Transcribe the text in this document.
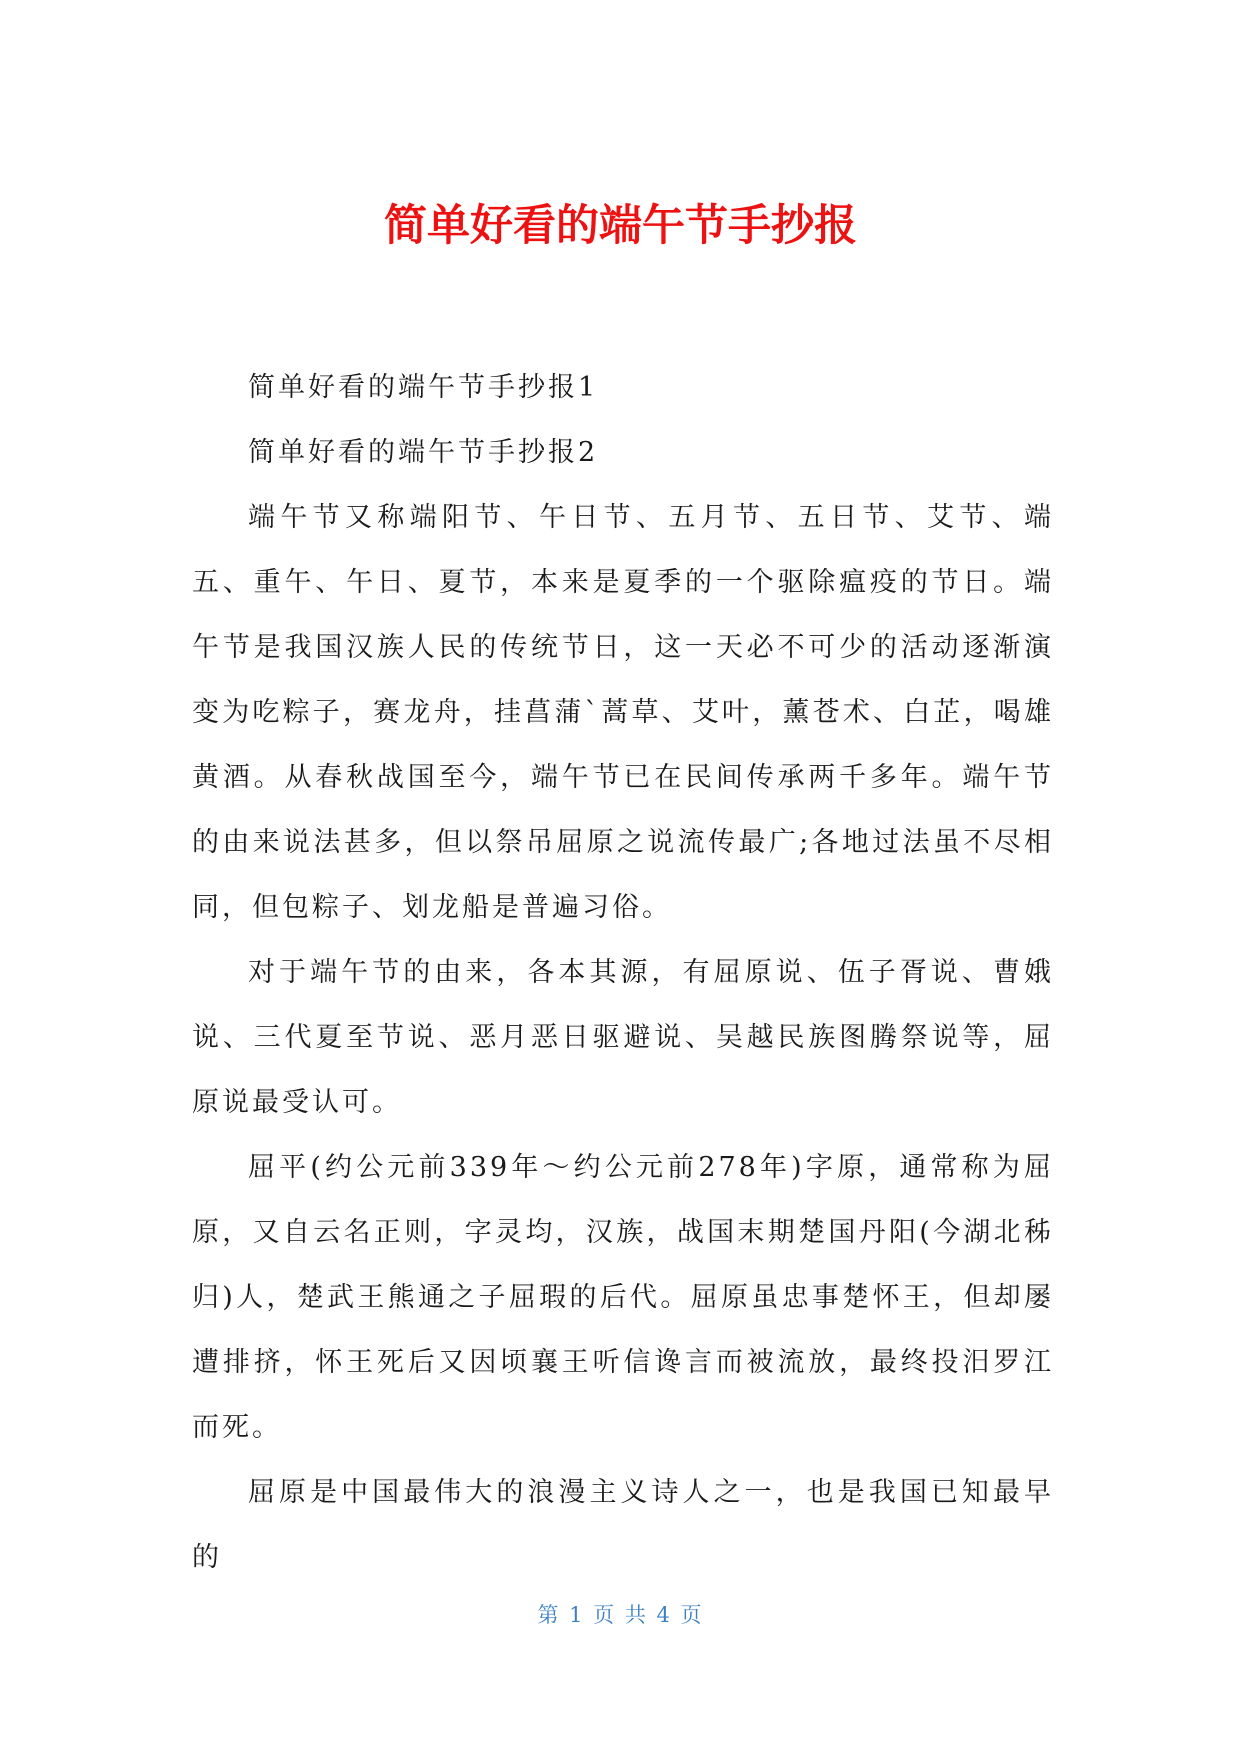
简单好看的端午节手抄报

简单好看的端午节手抄报1

简单好看的端午节手抄报2

端午节又称端阳节、午日节、五月节、五日节、艾节、端五、重午、午日、夏节，本来是夏季的一个驱除瘟疫的节日。端午节是我国汉族人民的传统节日，这一天必不可少的活动逐渐演变为吃粽子，赛龙舟，挂菖蒲`蒿草、艾叶，薰苍术、白芷，喝雄黄酒。从春秋战国至今，端午节已在民间传承两千多年。端午节的由来说法甚多，但以祭吊屈原之说流传最广;各地过法虽不尽相同，但包粽子、划龙船是普遍习俗。

对于端午节的由来，各本其源，有屈原说、伍子胥说、曹娥说、三代夏至节说、恶月恶日驱避说、吴越民族图腾祭说等，屈原说最受认可。

屈平(约公元前339年～约公元前278年)字原，通常称为屈原，又自云名正则，字灵均，汉族，战国末期楚国丹阳(今湖北秭归)人，楚武王熊通之子屈瑕的后代。屈原虽忠事楚怀王，但却屡遭排挤，怀王死后又因顷襄王听信谗言而被流放，最终投汨罗江而死。

屈原是中国最伟大的浪漫主义诗人之一，也是我国已知最早的

第 1 页 共 4 页
